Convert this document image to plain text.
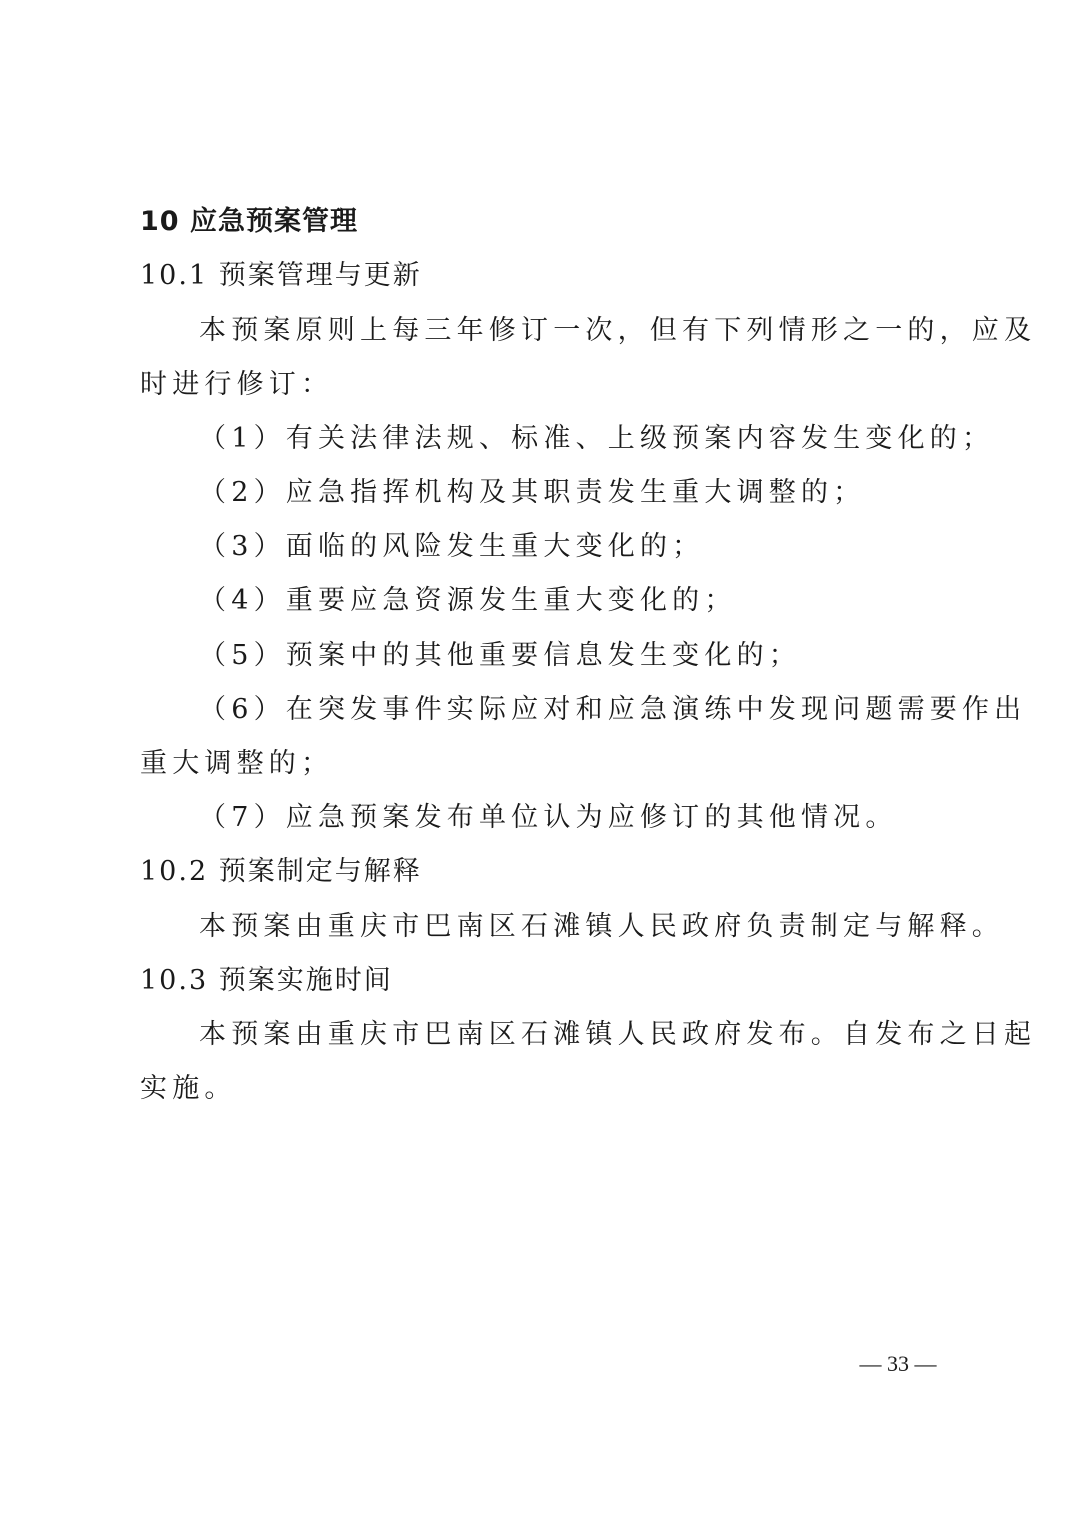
10 应急预案管理
10.1 预案管理与更新
本预案原则上每三年修订一次，但有下列情形之一的，应及
时进行修订：
（1）有关法律法规、标准、上级预案内容发生变化的；
（2）应急指挥机构及其职责发生重大调整的；
（3）面临的风险发生重大变化的；
（4）重要应急资源发生重大变化的；
（5）预案中的其他重要信息发生变化的；
（6）在突发事件实际应对和应急演练中发现问题需要作出
重大调整的；
（7）应急预案发布单位认为应修订的其他情况。
10.2 预案制定与解释
本预案由重庆市巴南区石滩镇人民政府负责制定与解释。
10.3 预案实施时间
本预案由重庆市巴南区石滩镇人民政府发布。自发布之日起
实施。
— 33 —
